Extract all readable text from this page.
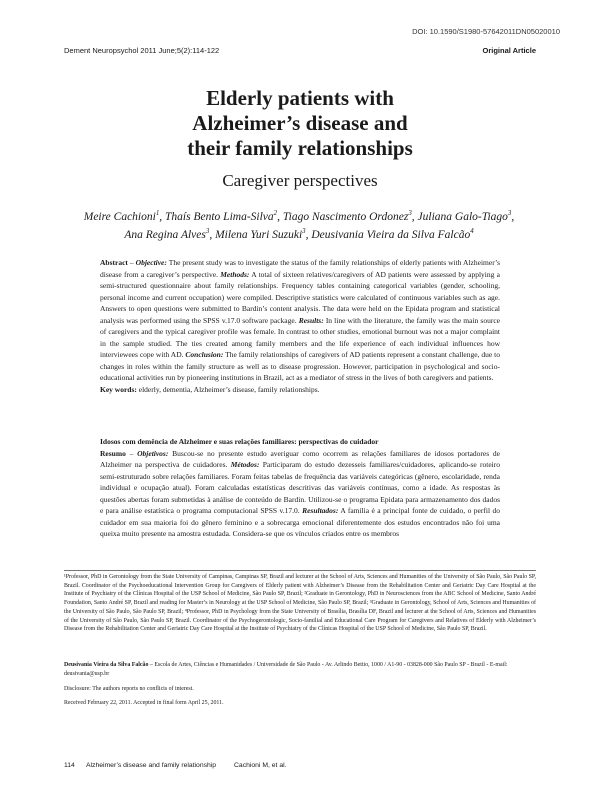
DOI: 10.1590/S1980-57642011DN05020010
Dement Neuropsychol 2011 June;5(2):114-122	Original Article
Elderly patients with
Alzheimer’s disease and
their family relationships
Caregiver perspectives
Meire Cachioni$^1$, Thaís Bento Lima-Silva$^2$, Tiago Nascimento Ordonez$^3$, Juliana Galo-Tiago$^3$,
Ana Regina Alves$^3$, Milena Yuri Suzuki$^3$, Deusivania Vieira da Silva Falcão$^4$

Abstract – Objective: The present study was to investigate the status of the family relationships of elderly patients with Alzheimer’s disease from a caregiver’s perspective. Methods: A total of sixteen relatives/caregivers of AD patients were assessed by applying a semi-structured questionnaire about family relationships. Frequency tables containing categorical variables (gender, schooling, personal income and current occupation) were compiled. Descriptive statistics were calculated of continuous variables such as age. Answers to open questions were submitted to Bardin’s content analysis. The data were held on the Epidata program and statistical analysis was performed using the SPSS v.17.0 software package. Results: In line with the literature, the family was the main source of caregivers and the typical caregiver profile was female. In contrast to other studies, emotional burnout was not a major complaint in the sample studied. The ties created among family members and the life experience of each individual influences how interviewees cope with AD. Conclusion: The family relationships of caregivers of AD patients represent a constant challenge, due to changes in roles within the family structure as well as to disease progression. However, participation in psychological and socio-educational activities run by pioneering institutions in Brazil, act as a mediator of stress in the lives of both caregivers and patients.

Key words: elderly, dementia, Alzheimer’s disease, family relationships.

Idosos com demência de Alzheimer e suas relações familiares: perspectivas do cuidador

Resumo – Objetivos: Buscou-se no presente estudo averiguar como ocorrem as relações familiares de idosos portadores de Alzheimer na perspectiva de cuidadores. Métodos: Participaram do estudo dezesseis familiares/cuidadores, aplicando-se roteiro semi-estruturado sobre relações familiares. Foram feitas tabelas de frequência das variáveis categóricas (gênero, escolaridade, renda individual e ocupação atual). Foram calculadas estatísticas descritivas das variáveis contínuas, como a idade. As respostas às questões abertas foram submetidas à análise de conteúdo de Bardin. Utilizou-se o programa Epidata para armazenamento dos dados e para análise estatística o programa computacional SPSS v.17.0. Resultados: A família é a principal fonte de cuidado, o perfil do cuidador em sua maioria foi do gênero feminino e a sobrecarga emocional diferentemente dos estudos encontrados não foi uma queixa muito presente na amostra estudada. Considera-se que os vínculos criados entre os membros

¹Professor, PhD in Gerontology from the State University of Campinas, Campinas SP, Brazil and lecturer at the School of Arts, Sciences and Humanities of the University of São Paulo, São Paulo SP, Brazil. Coordinator of the Psychoeducational Intervention Group for Caregivers of Elderly patient with Alzheimer’s Disease from the Rehabilitation Center and Geriatric Day Care Hospital at the Institute of Psychiatry of the Clínicas Hospital of the USP School of Medicine, São Paulo SP, Brazil; ²Graduate in Gerontology, PhD in Neurosciences from the ABC School of Medicine, Santo André Foundation, Santo André SP, Brazil and reading for Master’s in Neurology at the USP School of Medicine, São Paulo SP, Brazil; ³Graduate in Gerontology, School of Arts, Sciences and Humanities of the University of São Paulo, São Paulo SP, Brazil; ⁴Professor, PhD in Psychology from the State University of Brasília, Brasília DF, Brazil and lecturer at the School of Arts, Sciences and Humanities of the University of São Paulo, São Paulo SP, Brazil. Coordinator of the Psychogerontologic, Socio-familial and Educational Care Program for Caregivers and Relatives of Elderly with Alzheimer’s Disease from the Rehabilitation Center and Geriatric Day Care Hospital at the Institute of Psychiatry of the Clínicas Hospital of the USP School of Medicine, São Paulo SP, Brazil.

Deusivania Vieira da Silva Falcão – Escola de Artes, Ciências e Humanidades / Universidade de São Paulo - Av. Arlindo Bettio, 1000 / A1-90 - 03828-000 São Paulo SP - Brazil - E-mail: deusivania@usp.br
Disclosure: The authors reports no conflicts of interest.
Received February 22, 2011. Accepted in final form April 25, 2011.
114 Alzheimer’s disease and family relationship	Cachioni M, et al.
